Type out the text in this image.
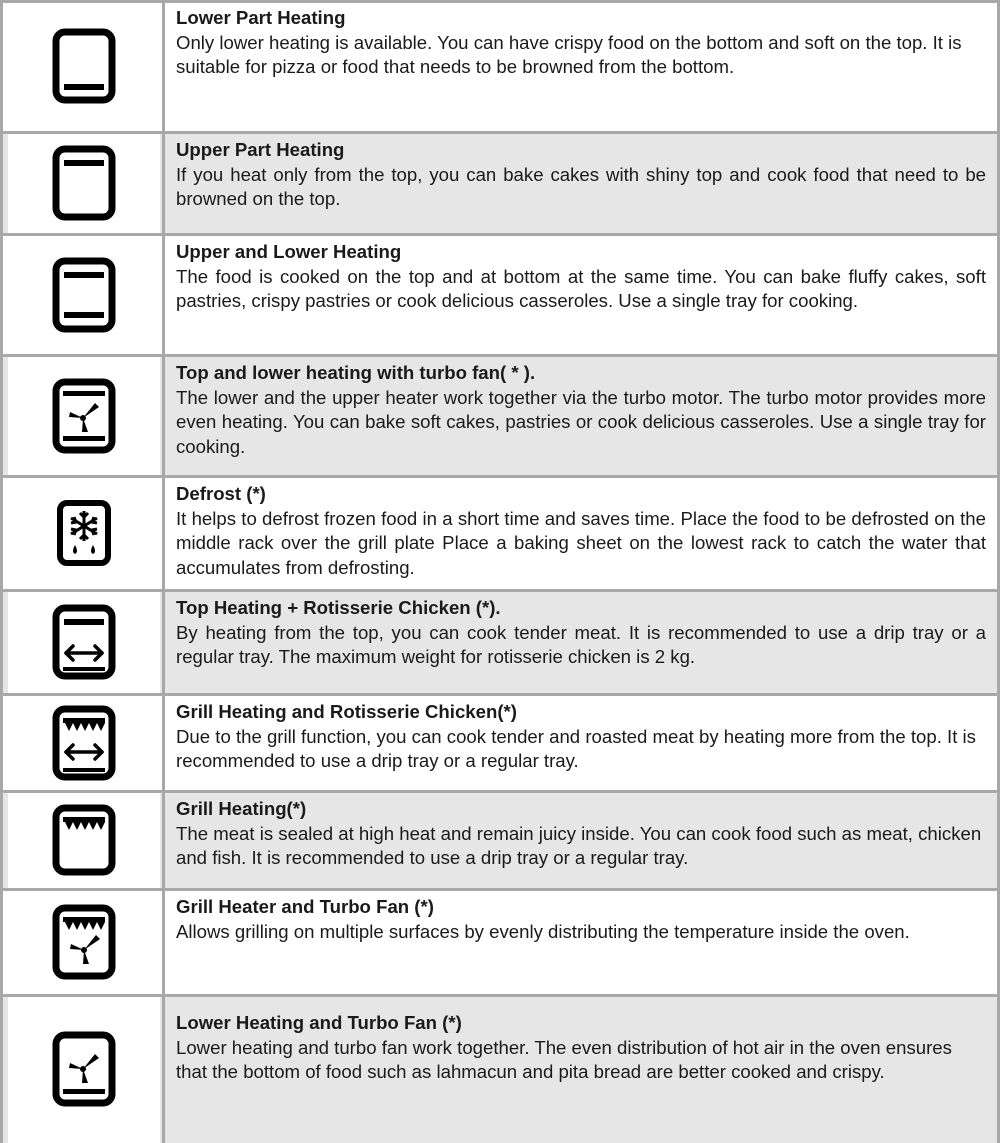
Lower Part Heating
Only lower heating is available. You can have crispy food on the bottom and soft on the top. It is suitable for pizza or food that needs to be browned from the bottom.
Upper Part Heating
If you heat only from the top, you can bake cakes with shiny top and cook food that need to be browned on the top.
Upper and Lower Heating
The food is cooked on the top and at bottom at the same time. You can bake fluffy cakes, soft pastries, crispy pastries or cook delicious casseroles. Use a single tray for cooking.
Top and lower heating with turbo fan( * ).
The lower and the upper heater work together via the turbo motor. The turbo motor provides more even heating. You can bake soft cakes, pastries or cook delicious casseroles. Use a single tray for cooking.
Defrost (*)
It helps to defrost frozen food in a short time and saves time. Place the food to be defrosted on the middle rack over the grill plate Place a baking sheet on the lowest rack to catch the water that accumulates from defrosting.
Top Heating + Rotisserie Chicken (*).
By heating from the top, you can cook tender meat. It is recommended to use a drip tray or a regular tray. The maximum weight for rotisserie chicken is 2 kg.
Grill Heating and Rotisserie Chicken(*)
Due to the grill function, you can cook tender and roasted meat by heating more from the top. It is recommended to use a drip tray or a regular tray.
Grill Heating(*)
The meat is sealed at high heat and remain juicy inside. You can cook food such as meat, chicken and fish. It is recommended to use a drip tray or a regular tray.
Grill Heater and Turbo Fan (*)
Allows grilling on multiple surfaces by evenly distributing the temperature inside the oven.
Lower Heating and Turbo Fan (*)
Lower heating and turbo fan work together. The even distribution of hot air in the oven ensures that the bottom of food such as lahmacun and pita bread are better cooked and crispy.
